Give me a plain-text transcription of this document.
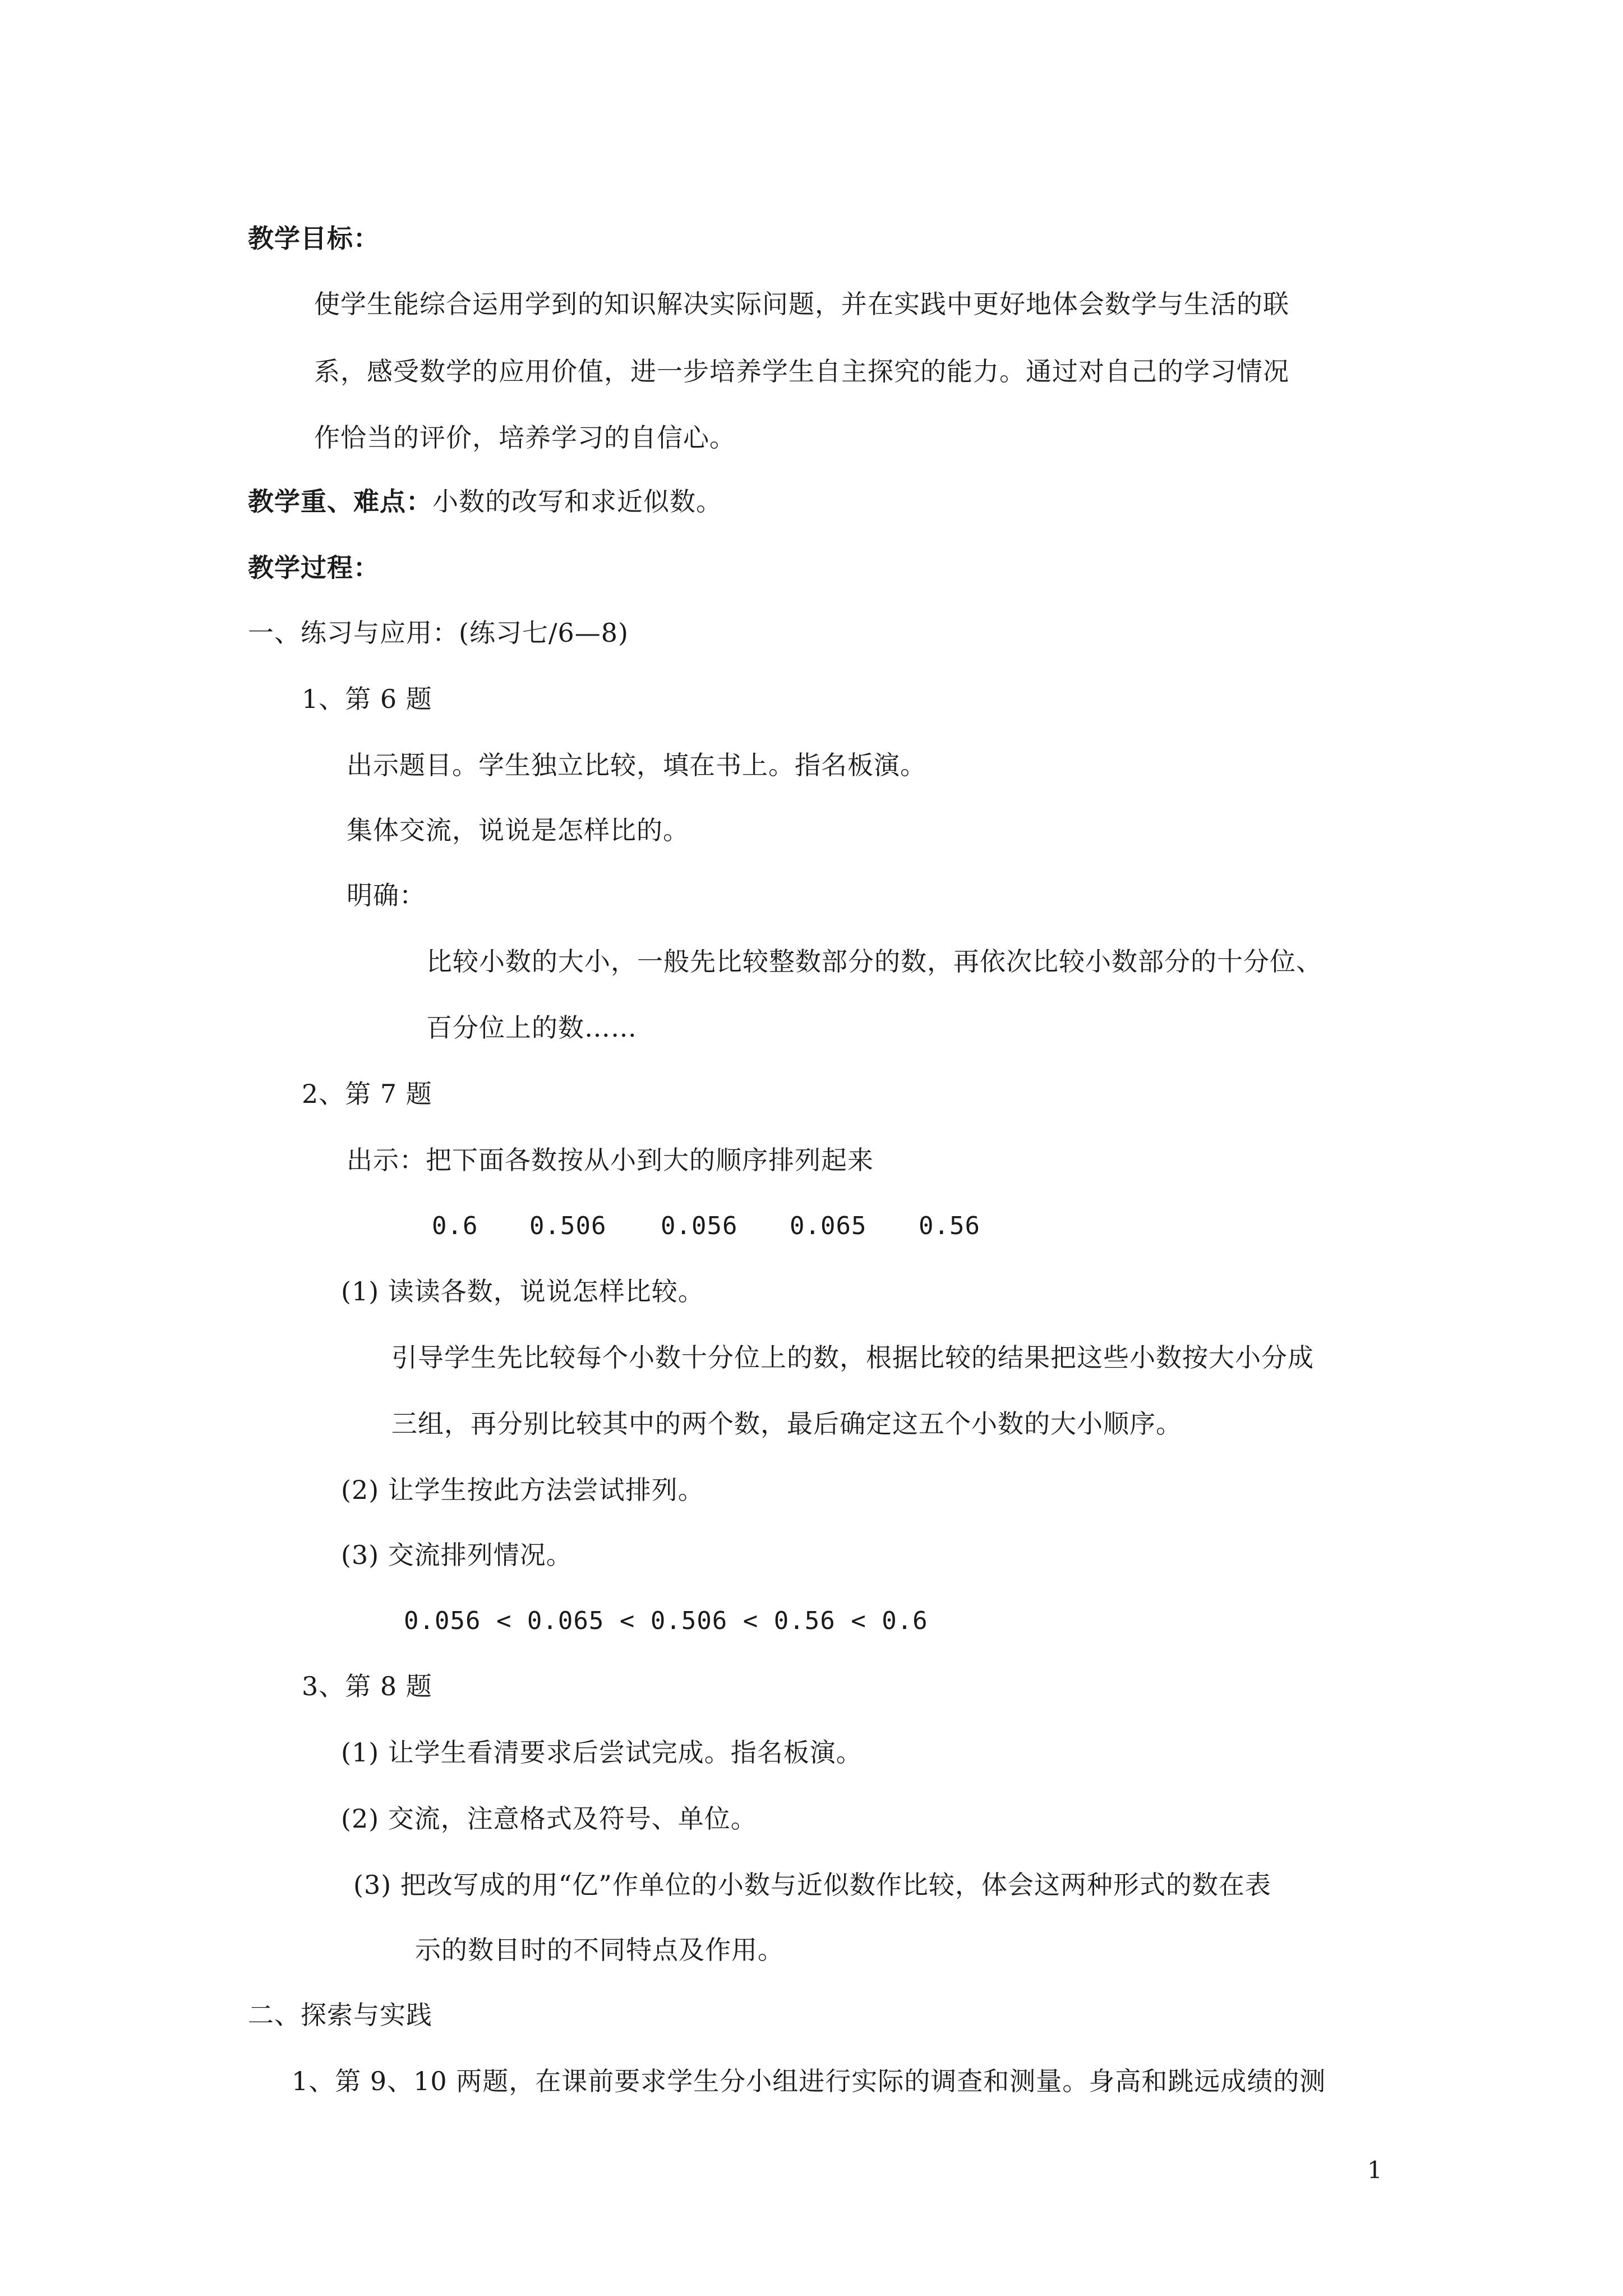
教学目标：
使学生能综合运用学到的知识解决实际问题，并在实践中更好地体会数学与生活的联
系，感受数学的应用价值，进一步培养学生自主探究的能力。通过对自己的学习情况
作恰当的评价，培养学习的自信心。
教学重、难点：小数的改写和求近似数。
教学过程：
一、练习与应用：(练习七/6—8)
1、第 6 题
出示题目。学生独立比较，填在书上。指名板演。
集体交流，说说是怎样比的。
明确：
比较小数的大小，一般先比较整数部分的数，再依次比较小数部分的十分位、
百分位上的数……
2、第 7 题
出示：把下面各数按从小到大的顺序排列起来
0.6 0.506 0.056 0.065 0.56
(1) 读读各数，说说怎样比较。
引导学生先比较每个小数十分位上的数，根据比较的结果把这些小数按大小分成
三组，再分别比较其中的两个数，最后确定这五个小数的大小顺序。
(2) 让学生按此方法尝试排列。
(3) 交流排列情况。
0.056 < 0.065 < 0.506 < 0.56 < 0.6
3、第 8 题
(1) 让学生看清要求后尝试完成。指名板演。
(2) 交流，注意格式及符号、单位。
(3) 把改写成的用“亿”作单位的小数与近似数作比较，体会这两种形式的数在表
示的数目时的不同特点及作用。
二、探索与实践
1、第 9、10 两题，在课前要求学生分小组进行实际的调查和测量。身高和跳远成绩的测
1
